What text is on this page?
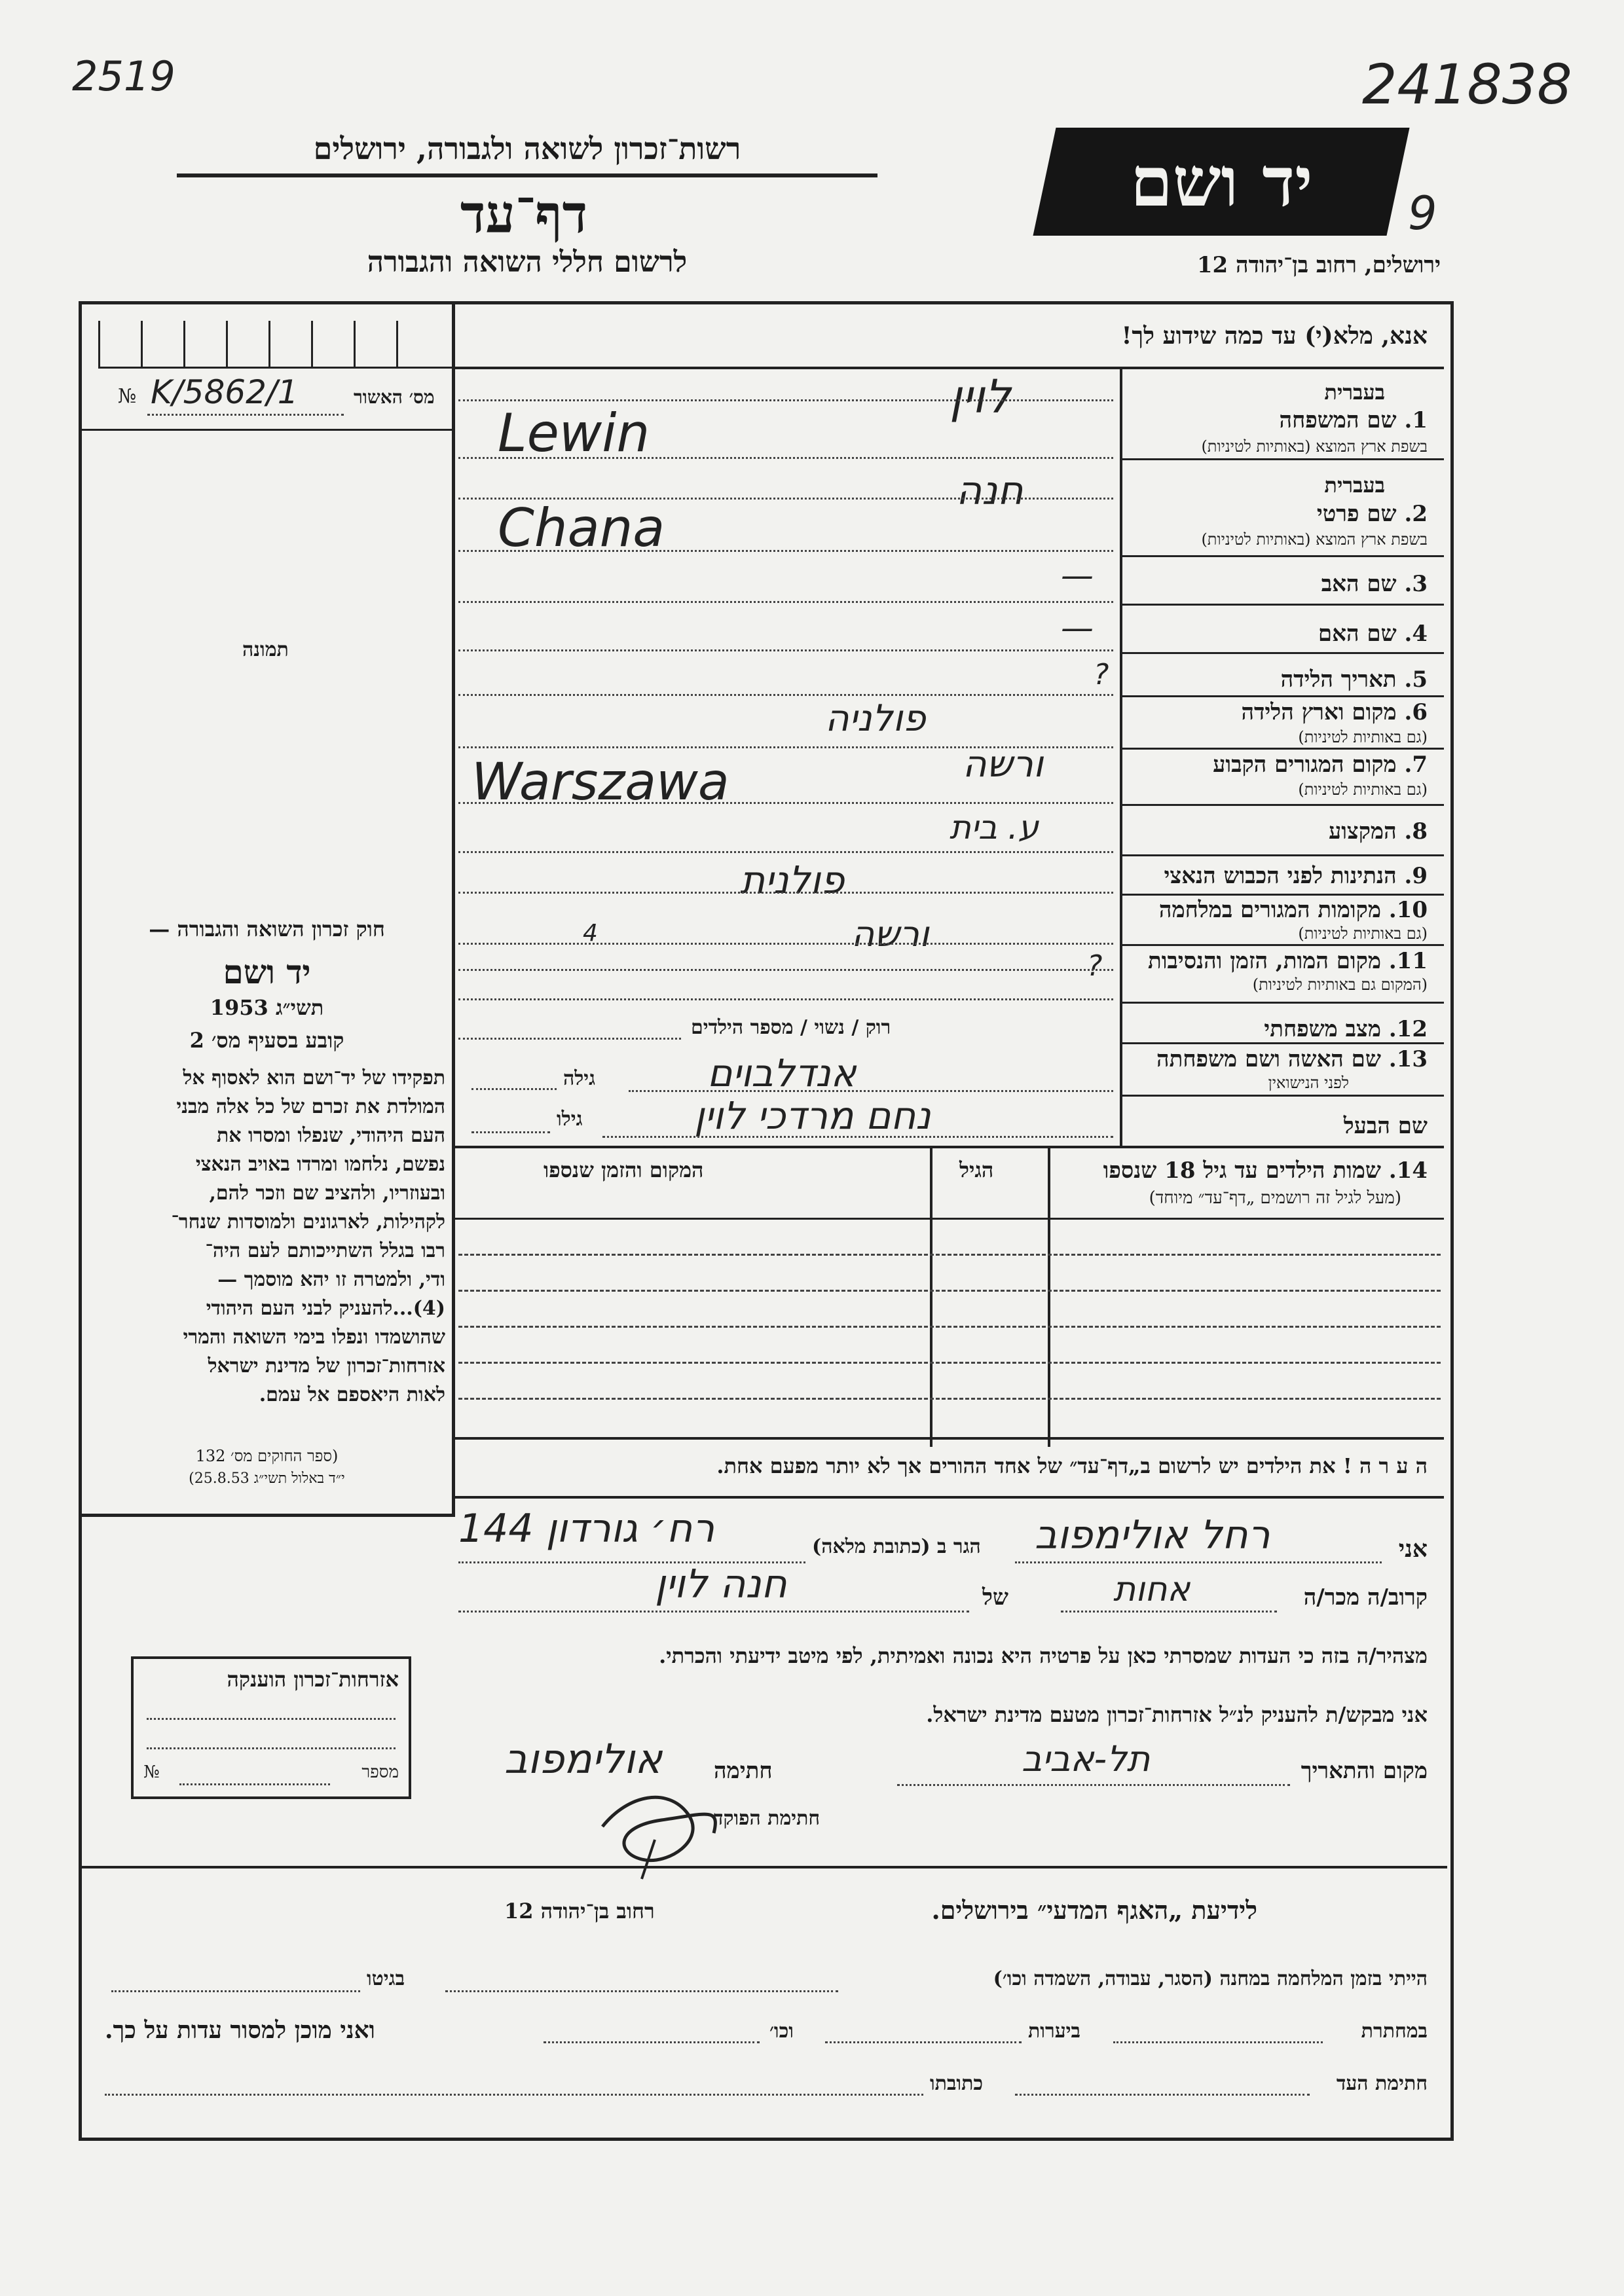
2519	241838
9
רשות־זכרון לשואה ולגבורה, ירושלים
דף־עד
לרשום חללי השואה והגבורה
יד ושם
ירושלים, רחוב בן־יהודה 12
מס׳ האשור
№ K/5862/1
תמונה
חוק זכרון השואה והגבורה —
יד ושם
תשי״ג 1953
קובע בסעיף מס׳ 2
תפקידו של יד־ושם הוא לאסוף אל
המולדת את זכרם של כל אלה מבני
העם היהודי, שנפלו ומסרו את
נפשם, נלחמו ומרדו באויב הנאצי
ובעוזריו, ולהציב שם וזכר להם,
לקהילות, לארגונים ולמוסדות שנחר־
רבו בגלל השתייכותם לעם היה־
ודי, ולמטרה זו יהא מוסמך —
(4)...להעניק לבני העם היהודי
שהושמדו ונפלו בימי השואה והמרי
אזרחות־זכרון של מדינת ישראל
לאות היאספם אל עמם.
(ספר החוקים מס׳ 132
י״ד באלול תשי״ג 25.8.53)
אזרחות־זכרון הוענקה
מספר
№
אנא, מלא(י) עד כמה שידוע לך!
בעברית
1. שם המשפחה
בשפת ארץ המוצא (באותיות לטיניות)
לוין
Lewin
בעברית
2. שם פרטי
בשפת ארץ המוצא (באותיות לטיניות)
חנה
Chana
3. שם האב
—
4. שם האם
—
5. תאריך הלידה
?
6. מקום וארץ הלידה
(גם באותיות לטיניות)
פולניה
7. מקום המגורים הקבוע
(גם באותיות לטיניות)
ורשה
Warszawa
8. המקצוע
ע. בית
9. הנתינות לפני הכבוש הנאצי
פולנית
10. מקומות המגורים במלחמה
(גם באותיות לטיניות)
ורשה
4
11. מקום המות, הזמן והנסיבות
(המקום גם באותיות לטיניות)
?
12. מצב משפחתי
רוק / נשוי / מספר הילדים
13. שם האשה ושם משפחתה
לפני הנישואין
גילה	אנדלבוים
שם הבעל
גילו	נחם מרדכי לוין
14. שמות הילדים עד גיל 18 שנספו
(מעל לגיל זה רושמים „דף־עד״ מיוחד)
הגיל
המקום והזמן שנספו
ה ע ר ה ! את הילדים יש לרשום ב„דף־עד״ של אחד ההורים אך לא יותר מפעם אחת.
אני
רחל אולימפוב
הגר ב (כתובת מלאה)
רח׳ גורדון 144
קרוב/ה מכר/ה
אחות
של
חנה לוין
מצהיר/ה בזה כי העדות שמסרתי כאן על פרטיה היא נכונה ואמיתית, לפי מיטב ידיעתי והכרתי.
אני מבקש/ת להעניק לנ״ל אזרחות־זכרון מטעם מדינת ישראל.
מקום והתאריך
תל-אביב
חתימה
אולימפוב
חתימת הפוקד
לידיעת „האגף המדעי״ בירושלים.
רחוב בן־יהודה 12
הייתי בזמן המלחמה במחנה (הסגר, עבודה, השמדה וכו׳)
בגיטו
במחתרת
ביערות
וכו׳
ואני מוכן למסור עדות על כך.
חתימת העד
כתובתו
